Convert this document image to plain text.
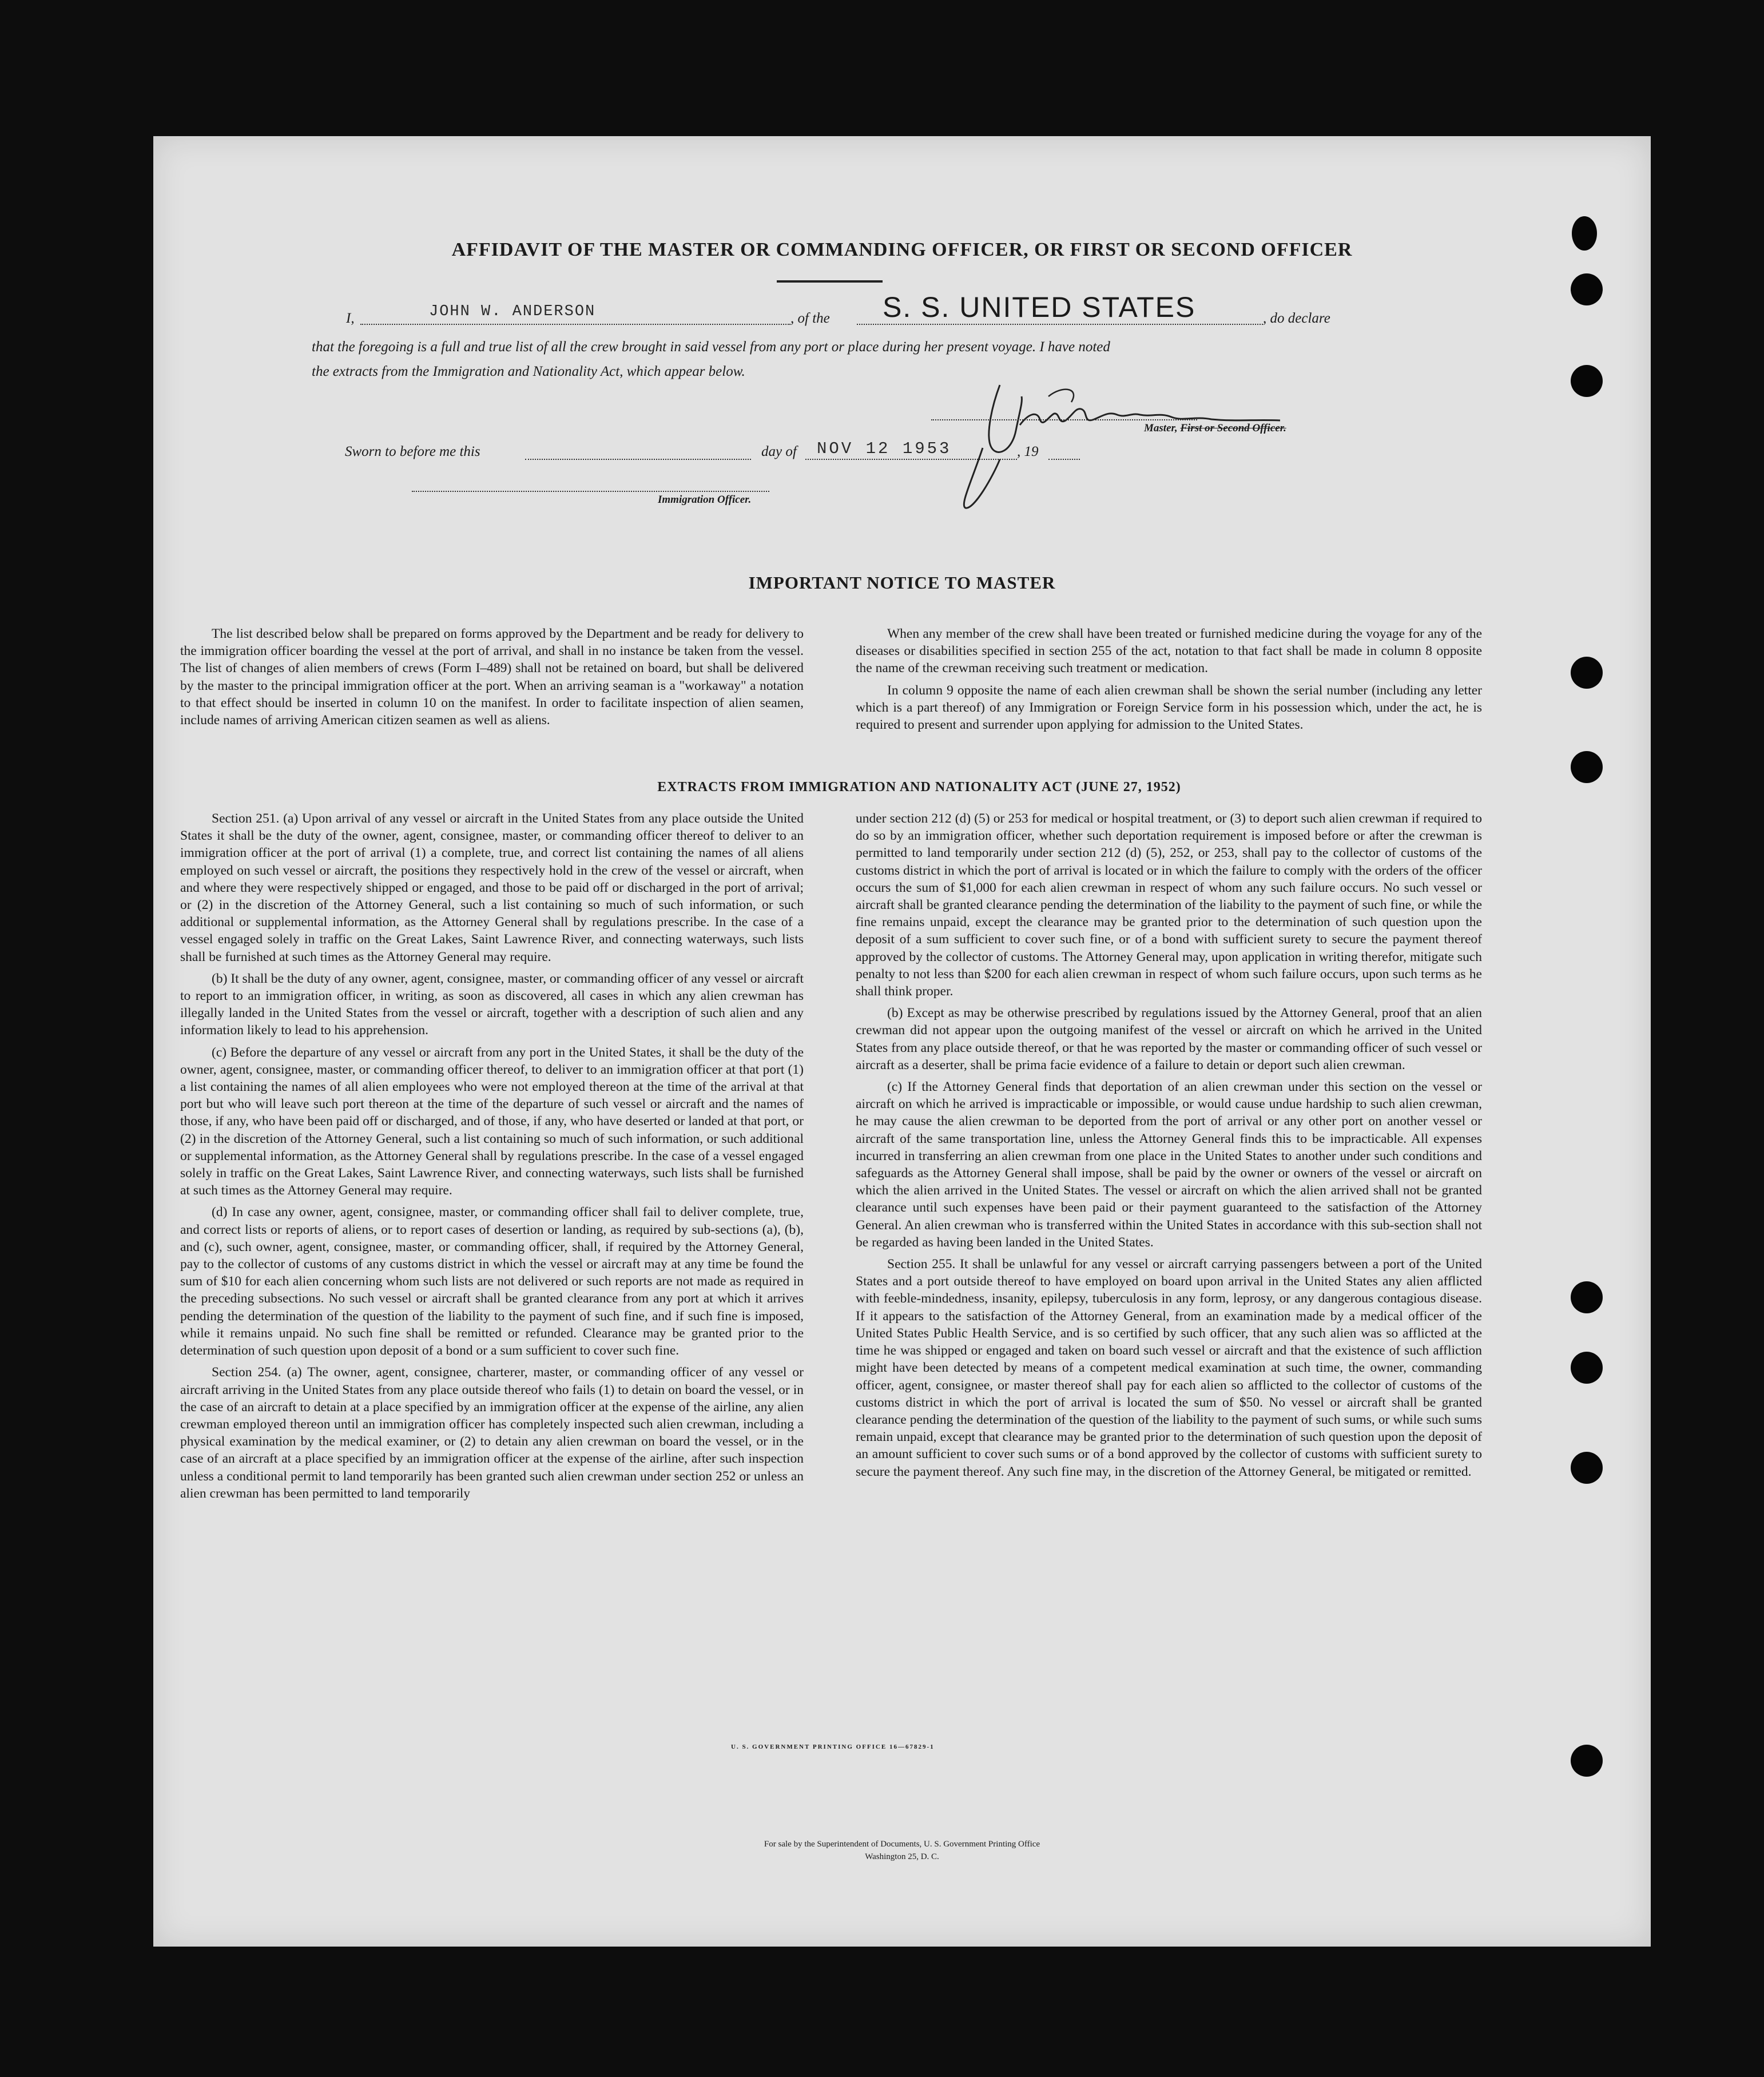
AFFIDAVIT OF THE MASTER OR COMMANDING OFFICER, OR FIRST OR SECOND OFFICER
I,	JOHN W. ANDERSON	, of the S. S. UNITED STATES	, do declare
that the foregoing is a full and true list of all the crew brought in said vessel from any port or place during her present voyage. I have noted
the extracts from the Immigration and Nationality Act, which appear below.
Master, First or Second Officer.
Sworn to before me this	day of NOV 12 1953	, 19
Immigration Officer.
IMPORTANT NOTICE TO MASTER

The list described below shall be prepared on forms approved by the Department and be ready for delivery to the immigration officer boarding the vessel at the port of arrival, and shall in no instance be taken from the vessel. The list of changes of alien members of crews (Form I–489) shall not be retained on board, but shall be delivered by the master to the principal immigration officer at the port. When an arriving seaman is a "workaway" a notation to that effect should be inserted in column 10 on the manifest. In order to facilitate inspection of alien seamen, include names of arriving American citizen seamen as well as aliens.

When any member of the crew shall have been treated or furnished medicine during the voyage for any of the diseases or disabilities specified in section 255 of the act, notation to that fact shall be made in column 8 opposite the name of the crewman receiving such treatment or medication.

In column 9 opposite the name of each alien crewman shall be shown the serial number (including any letter which is a part thereof) of any Immigration or Foreign Service form in his possession which, under the act, he is required to present and surrender upon applying for admission to the United States.

EXTRACTS FROM IMMIGRATION AND NATIONALITY ACT (JUNE 27, 1952)

Section 251. (a) Upon arrival of any vessel or aircraft in the United States from any place outside the United States it shall be the duty of the owner, agent, consignee, master, or commanding officer thereof to deliver to an immigration officer at the port of arrival (1) a complete, true, and correct list containing the names of all aliens employed on such vessel or aircraft, the positions they respectively hold in the crew of the vessel or aircraft, when and where they were respectively shipped or engaged, and those to be paid off or discharged in the port of arrival; or (2) in the discretion of the Attorney General, such a list containing so much of such information, or such additional or supplemental information, as the Attorney General shall by regulations prescribe. In the case of a vessel engaged solely in traffic on the Great Lakes, Saint Lawrence River, and connecting waterways, such lists shall be furnished at such times as the Attorney General may require.

(b) It shall be the duty of any owner, agent, consignee, master, or commanding officer of any vessel or aircraft to report to an immigration officer, in writing, as soon as discovered, all cases in which any alien crewman has illegally landed in the United States from the vessel or aircraft, together with a description of such alien and any information likely to lead to his apprehension.

(c) Before the departure of any vessel or aircraft from any port in the United States, it shall be the duty of the owner, agent, consignee, master, or commanding officer thereof, to deliver to an immigration officer at that port (1) a list containing the names of all alien employees who were not employed thereon at the time of the arrival at that port but who will leave such port thereon at the time of the departure of such vessel or aircraft and the names of those, if any, who have been paid off or discharged, and of those, if any, who have deserted or landed at that port, or (2) in the discretion of the Attorney General, such a list containing so much of such information, or such additional or supplemental information, as the Attorney General shall by regulations prescribe. In the case of a vessel engaged solely in traffic on the Great Lakes, Saint Lawrence River, and connecting waterways, such lists shall be furnished at such times as the Attorney General may require.

(d) In case any owner, agent, consignee, master, or commanding officer shall fail to deliver complete, true, and correct lists or reports of aliens, or to report cases of desertion or landing, as required by sub-sections (a), (b), and (c), such owner, agent, consignee, master, or commanding officer, shall, if required by the Attorney General, pay to the collector of customs of any customs district in which the vessel or aircraft may at any time be found the sum of $10 for each alien concerning whom such lists are not delivered or such reports are not made as required in the preceding subsections. No such vessel or aircraft shall be granted clearance from any port at which it arrives pending the determination of the question of the liability to the payment of such fine, and if such fine is imposed, while it remains unpaid. No such fine shall be remitted or refunded. Clearance may be granted prior to the determination of such question upon deposit of a bond or a sum sufficient to cover such fine.

Section 254. (a) The owner, agent, consignee, charterer, master, or commanding officer of any vessel or aircraft arriving in the United States from any place outside thereof who fails (1) to detain on board the vessel, or in the case of an aircraft to detain at a place specified by an immigration officer at the expense of the airline, any alien crewman employed thereon until an immigration officer has completely inspected such alien crewman, including a physical examination by the medical examiner, or (2) to detain any alien crewman on board the vessel, or in the case of an aircraft at a place specified by an immigration officer at the expense of the airline, after such inspection unless a conditional permit to land temporarily has been granted such alien crewman under section 252 or unless an alien crewman has been permitted to land temporarily

under section 212 (d) (5) or 253 for medical or hospital treatment, or (3) to deport such alien crewman if required to do so by an immigration officer, whether such deportation requirement is imposed before or after the crewman is permitted to land temporarily under section 212 (d) (5), 252, or 253, shall pay to the collector of customs of the customs district in which the port of arrival is located or in which the failure to comply with the orders of the officer occurs the sum of $1,000 for each alien crewman in respect of whom any such failure occurs. No such vessel or aircraft shall be granted clearance pending the determination of the liability to the payment of such fine, or while the fine remains unpaid, except the clearance may be granted prior to the determination of such question upon the deposit of a sum sufficient to cover such fine, or of a bond with sufficient surety to secure the payment thereof approved by the collector of customs. The Attorney General may, upon application in writing therefor, mitigate such penalty to not less than $200 for each alien crewman in respect of whom such failure occurs, upon such terms as he shall think proper.

(b) Except as may be otherwise prescribed by regulations issued by the Attorney General, proof that an alien crewman did not appear upon the outgoing manifest of the vessel or aircraft on which he arrived in the United States from any place outside thereof, or that he was reported by the master or commanding officer of such vessel or aircraft as a deserter, shall be prima facie evidence of a failure to detain or deport such alien crewman.

(c) If the Attorney General finds that deportation of an alien crewman under this section on the vessel or aircraft on which he arrived is impracticable or impossible, or would cause undue hardship to such alien crewman, he may cause the alien crewman to be deported from the port of arrival or any other port on another vessel or aircraft of the same transportation line, unless the Attorney General finds this to be impracticable. All expenses incurred in transferring an alien crewman from one place in the United States to another under such conditions and safeguards as the Attorney General shall impose, shall be paid by the owner or owners of the vessel or aircraft on which the alien arrived in the United States. The vessel or aircraft on which the alien arrived shall not be granted clearance until such expenses have been paid or their payment guaranteed to the satisfaction of the Attorney General. An alien crewman who is transferred within the United States in accordance with this sub-section shall not be regarded as having been landed in the United States.

Section 255. It shall be unlawful for any vessel or aircraft carrying passengers between a port of the United States and a port outside thereof to have employed on board upon arrival in the United States any alien afflicted with feeble-mindedness, insanity, epilepsy, tuberculosis in any form, leprosy, or any dangerous contagious disease. If it appears to the satisfaction of the Attorney General, from an examination made by a medical officer of the United States Public Health Service, and is so certified by such officer, that any such alien was so afflicted at the time he was shipped or engaged and taken on board such vessel or aircraft and that the existence of such affliction might have been detected by means of a competent medical examination at such time, the owner, commanding officer, agent, consignee, or master thereof shall pay for each alien so afflicted to the collector of customs of the customs district in which the port of arrival is located the sum of $50. No vessel or aircraft shall be granted clearance pending the determination of the question of the liability to the payment of such sums, or while such sums remain unpaid, except that clearance may be granted prior to the determination of such question upon the deposit of an amount sufficient to cover such sums or of a bond approved by the collector of customs with sufficient surety to secure the payment thereof. Any such fine may, in the discretion of the Attorney General, be mitigated or remitted.

U. S. GOVERNMENT PRINTING OFFICE 16—67829-1
For sale by the Superintendent of Documents, U. S. Government Printing Office
Washington 25, D. C.
